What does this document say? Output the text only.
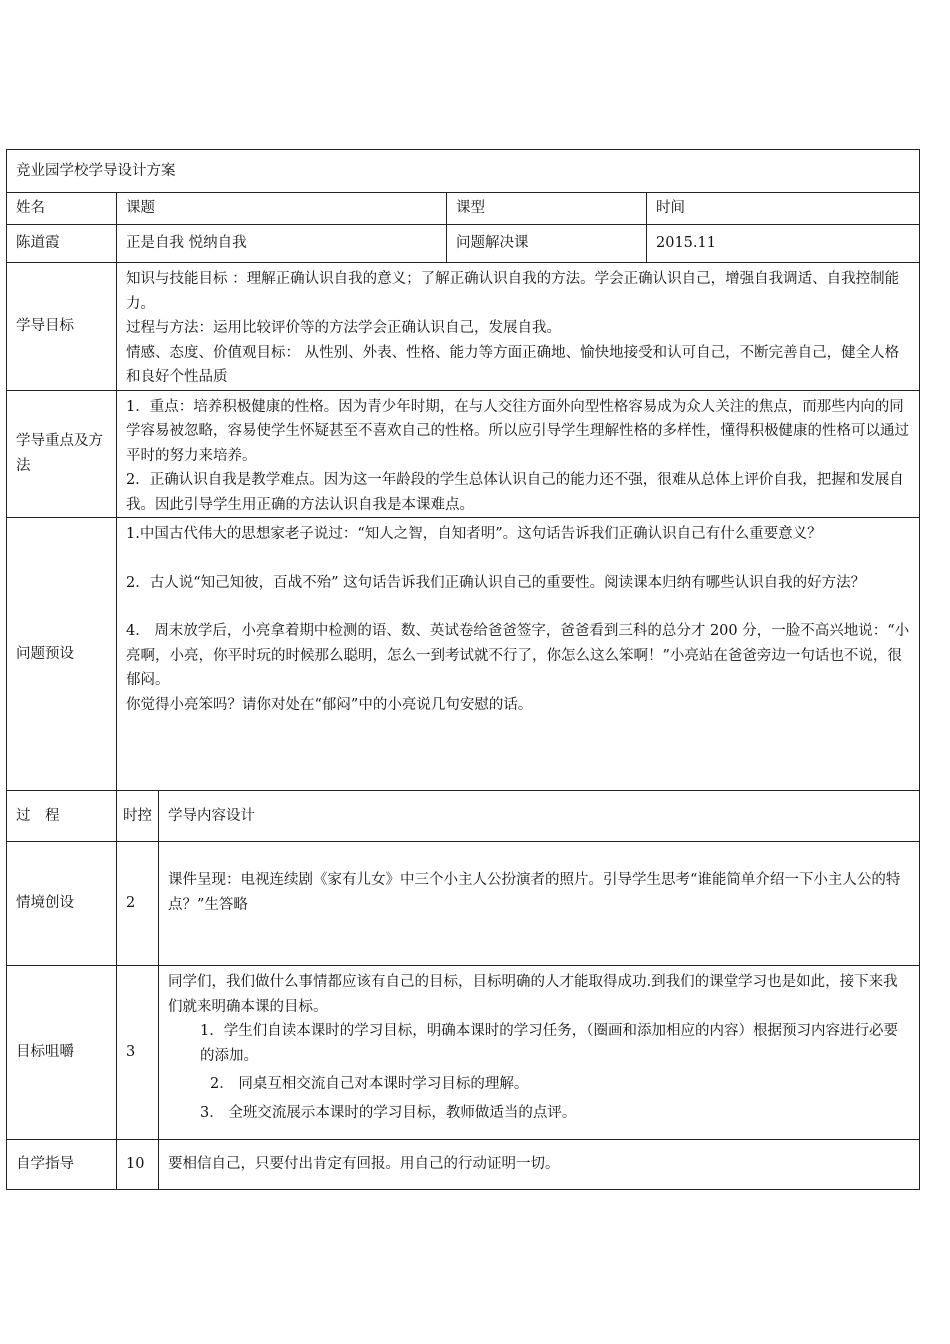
竞业园学校学导设计方案				
姓名	课题		课型	时间
陈道霞	正是自我 悦纳自我		问题解决课	2015.11
学导目标	知识与技能目标 ：理解正确认识自我的意义；了解正确认识自我的方法。学会正确认识自己，增强自我调适、自我控制能力。

过程与方法：运用比较评价等的方法学会正确认识自己，发展自我。

情感、态度、价值观目标： 从性别、外表、性格、能力等方面正确地、愉快地接受和认可自己，不断完善自己，健全人格和良好个性品质			

学导重点及方法	1．重点：培养积极健康的性格。因为青少年时期，在与人交往方面外向型性格容易成为众人关注的焦点，而那些内向的同学容易被忽略，容易使学生怀疑甚至不喜欢自己的性格。所以应引导学生理解性格的多样性，懂得积极健康的性格可以通过平时的努力来培养。

2．正确认识自我是教学难点。因为这一年龄段的学生总体认识自己的能力还不强，很难从总体上评价自我，把握和发展自我。因此引导学生用正确的方法认识自我是本课难点。			

问题预设	1.中国古代伟大的思想家老子说过：“知人之智，自知者明”。这句话告诉我们正确认识自己有什么重要意义？

2．古人说“知己知彼，百战不殆” 这句话告诉我们正确认识自己的重要性。阅读课本归纳有哪些认识自我的好方法？

4． 周末放学后，小亮拿着期中检测的语、数、英试卷给爸爸签字，爸爸看到三科的总分才 200 分，一脸不高兴地说：“小亮啊，小亮，你平时玩的时候那么聪明，怎么一到考试就不行了，你怎么这么笨啊！”小亮站在爸爸旁边一句话也不说，很郁闷。

你觉得小亮笨吗？请你对处在“郁闷”中的小亮说几句安慰的话。			

过　程	时控	学导内容设计		
情境创设	2	课件呈现：电视连续剧《家有儿女》中三个小主人公扮演者的照片。引导学生思考“谁能简单介绍一下小主人公的特点？”生答略		
目标咀嚼	3	同学们，我们做什么事情都应该有自己的目标，目标明确的人才能取得成功.到我们的课堂学习也是如此，接下来我们就来明确本课的目标。

1．学生们自读本课时的学习目标，明确本课时的学习任务，（圈画和添加相应的内容）根据预习内容进行必要的添加。

2． 同桌互相交流自己对本课时学习目标的理解。

3． 全班交流展示本课时的学习目标，教师做适当的点评。		

自学指导	10	要相信自己，只要付出肯定有回报。用自己的行动证明一切。		
